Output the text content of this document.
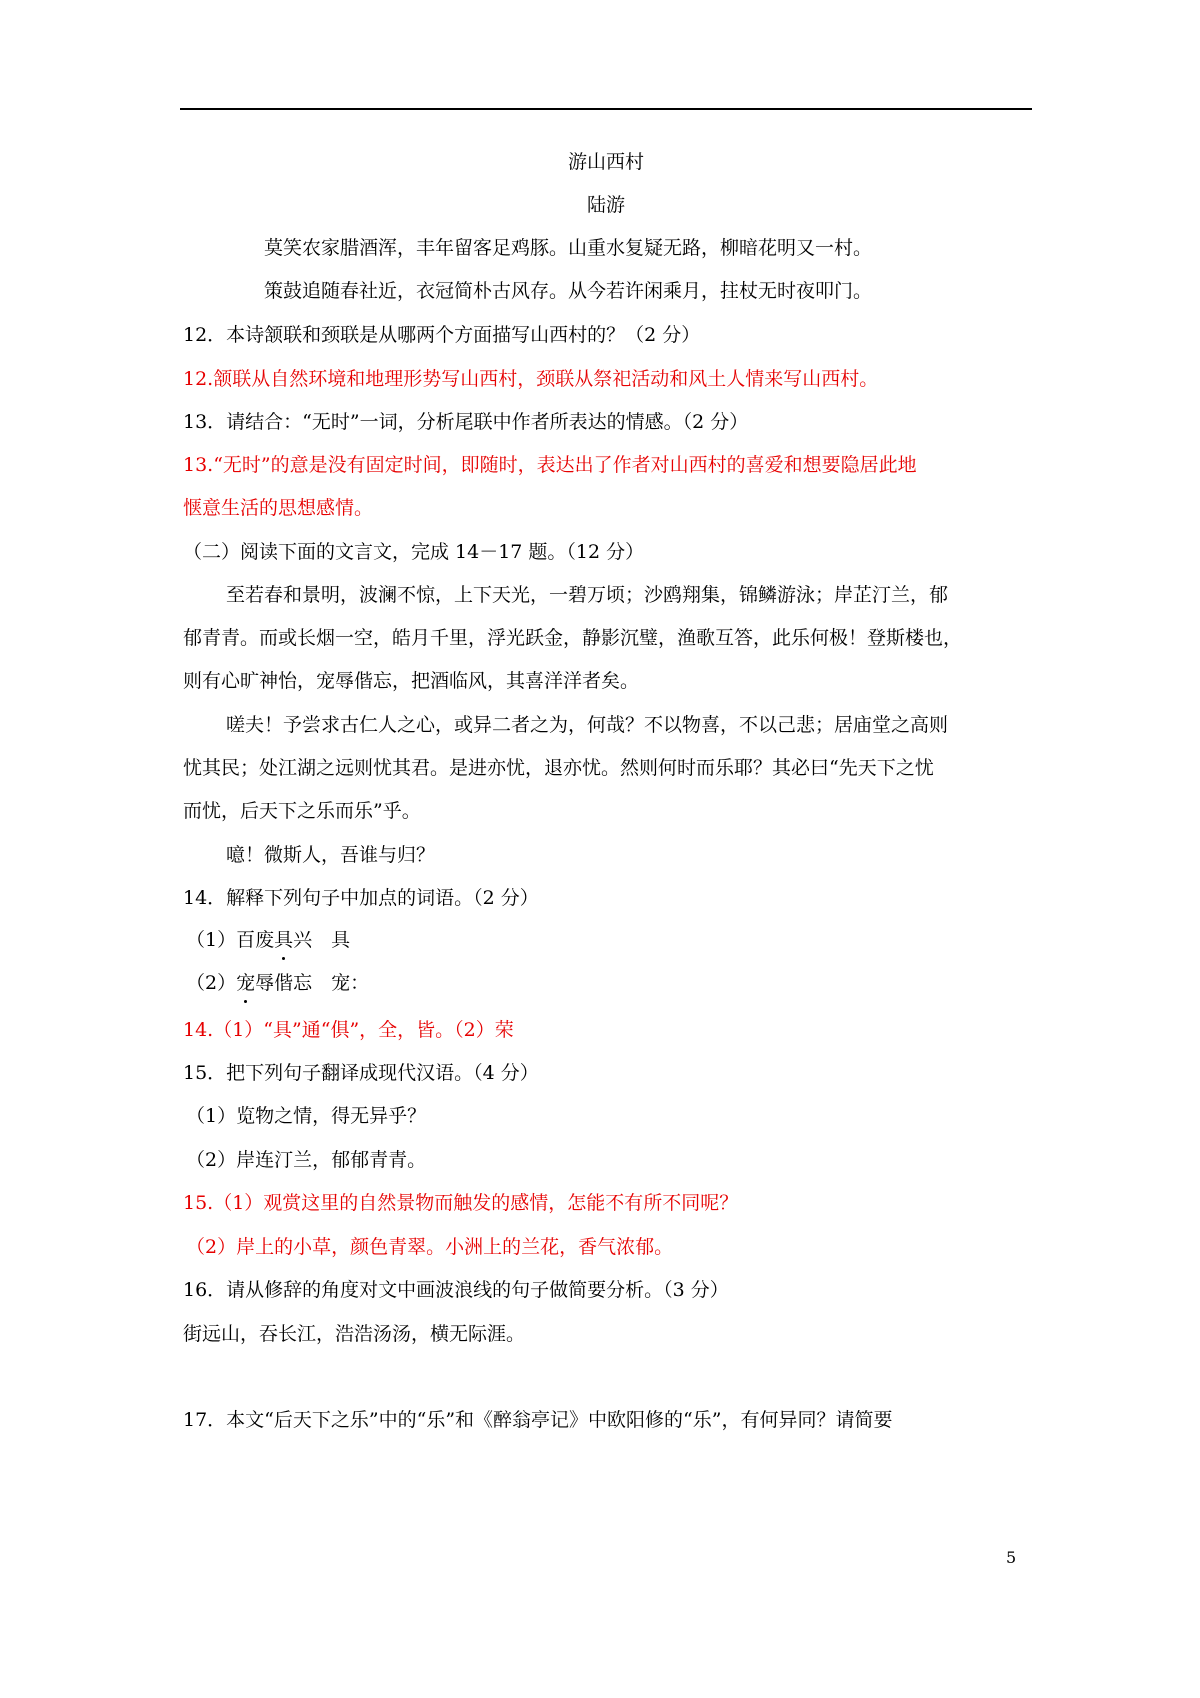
游山西村
陆游
莫笑农家腊酒浑，丰年留客足鸡豚。山重水复疑无路，柳暗花明又一村。
策鼓追随春社近，衣冠简朴古风存。从今若许闲乘月，拄杖无时夜叩门。
12．本诗颔联和颈联是从哪两个方面描写山西村的？（2 分）
12.颔联从自然环境和地理形势写山西村，颈联从祭祀活动和风土人情来写山西村。
13．请结合：“无时”一词，分析尾联中作者所表达的情感。（2 分）
13.“无时”的意是没有固定时间，即随时，表达出了作者对山西村的喜爱和想要隐居此地
惬意生活的思想感情。
（二）阅读下面的文言文，完成 14－17 题。（12 分）
至若春和景明，波澜不惊，上下天光，一碧万顷；沙鸥翔集，锦鳞游泳；岸芷汀兰，郁
郁青青。而或长烟一空，皓月千里，浮光跃金，静影沉璧，渔歌互答，此乐何极！登斯楼也，
则有心旷神怡，宠辱偕忘，把酒临风，其喜洋洋者矣。
嗟夫！予尝求古仁人之心，或异二者之为，何哉？不以物喜，不以己悲；居庙堂之高则
忧其民；处江湖之远则忧其君。是进亦忧，退亦忧。然则何时而乐耶？其必曰“先天下之忧
而忧，后天下之乐而乐”乎。
噫！微斯人，吾谁与归？
14．解释下列句子中加点的词语。（2 分）
（1）百废具兴　具
（2）宠辱偕忘　宠：
14.（1）“具”通“俱”，全，皆。（2）荣
15．把下列句子翻译成现代汉语。（4 分）
（1）览物之情，得无异乎？
（2）岸连汀兰，郁郁青青。
15.（1）观赏这里的自然景物而触发的感情，怎能不有所不同呢？
（2）岸上的小草，颜色青翠。小洲上的兰花，香气浓郁。
16．请从修辞的角度对文中画波浪线的句子做简要分析。（3 分）
街远山，吞长江，浩浩汤汤，横无际涯。
17．本文“后天下之乐”中的“乐”和《醉翁亭记》中欧阳修的“乐”，有何异同？请简要
5
